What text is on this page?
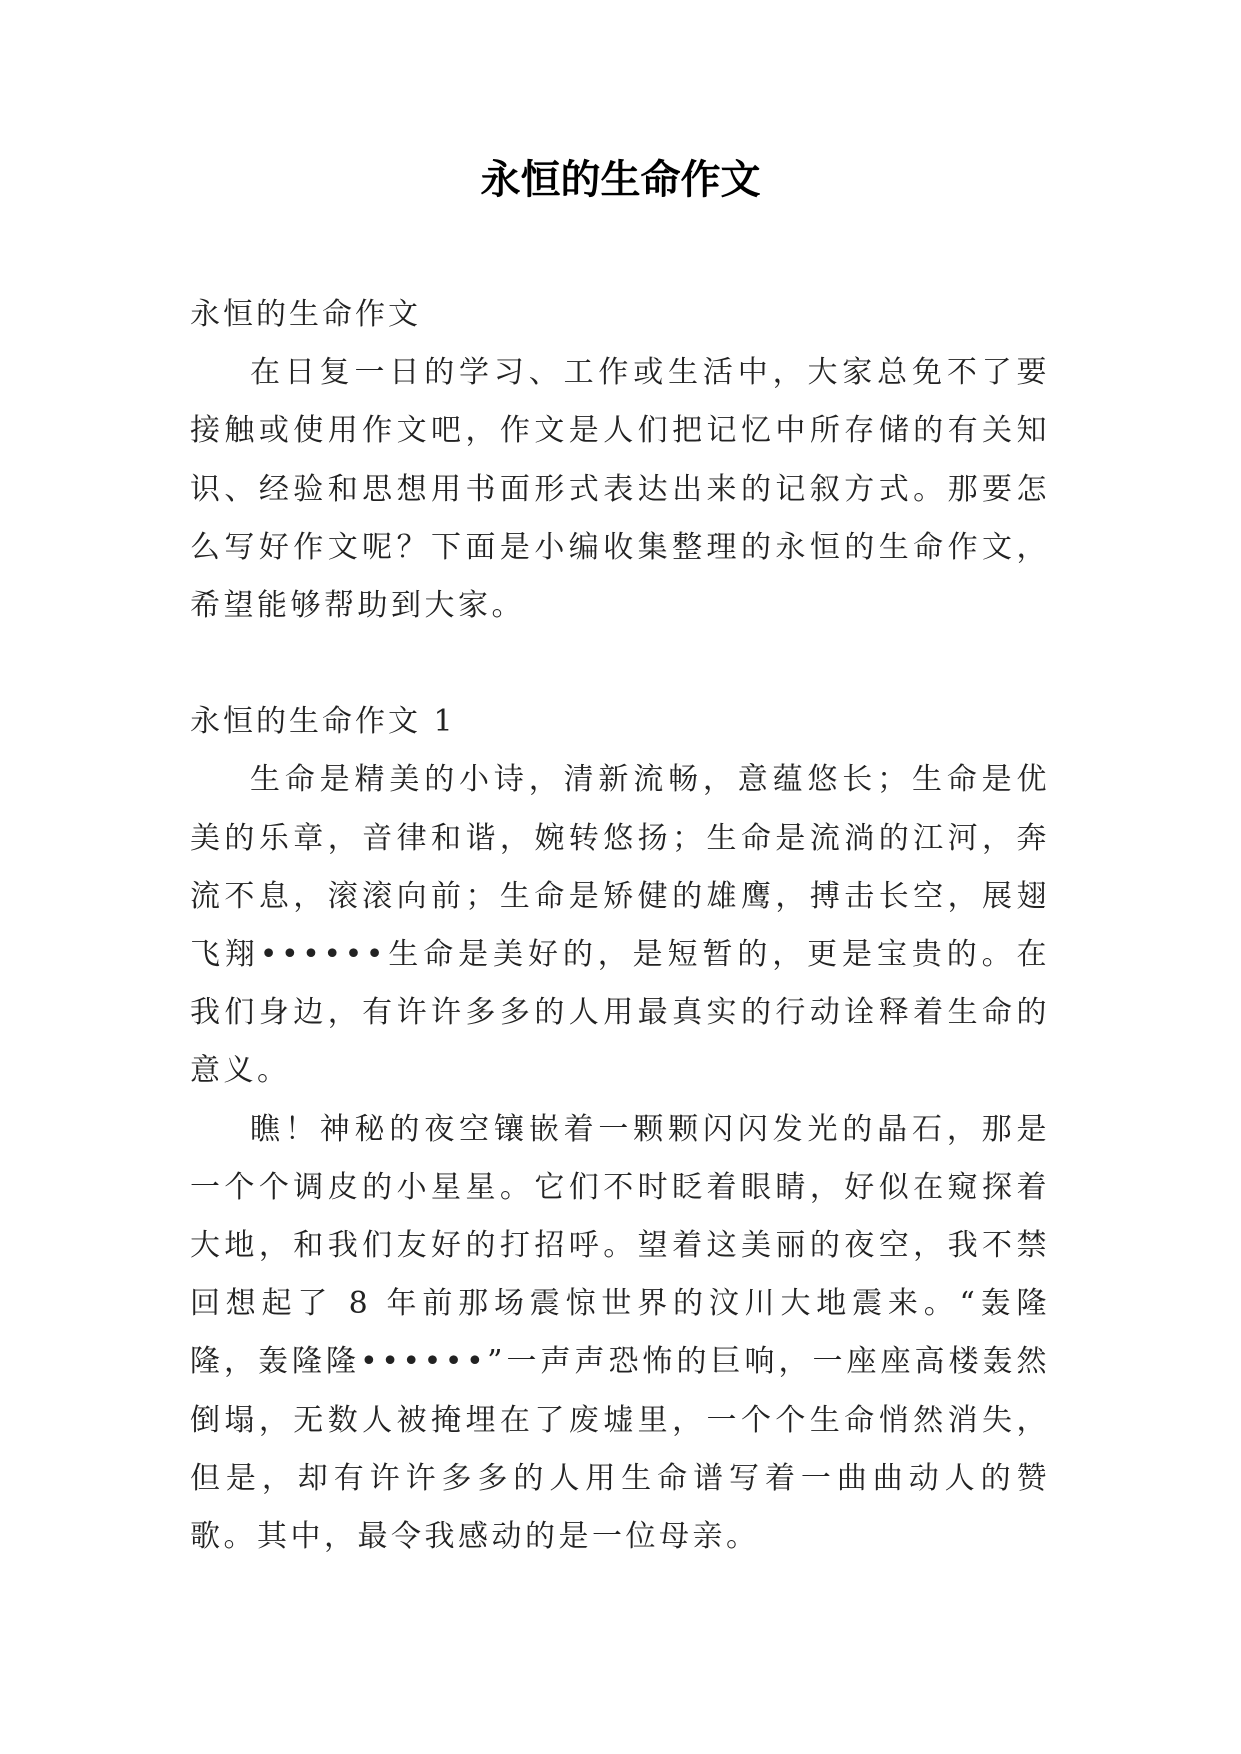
永恒的生命作文

永恒的生命作文

在日复一日的学习、工作或生活中，大家总免不了要接触或使用作文吧，作文是人们把记忆中所存储的有关知识、经验和思想用书面形式表达出来的记叙方式。那要怎么写好作文呢？下面是小编收集整理的永恒的生命作文，希望能够帮助到大家。

永恒的生命作文 1

生命是精美的小诗，清新流畅，意蕴悠长；生命是优美的乐章，音律和谐，婉转悠扬；生命是流淌的江河，奔流不息，滚滚向前；生命是矫健的雄鹰，搏击长空，展翅飞翔••••••生命是美好的，是短暂的，更是宝贵的。在我们身边，有许许多多的人用最真实的行动诠释着生命的意义。

瞧！神秘的夜空镶嵌着一颗颗闪闪发光的晶石，那是一个个调皮的小星星。它们不时眨着眼睛，好似在窥探着大地，和我们友好的打招呼。望着这美丽的夜空，我不禁回想起了 8 年前那场震惊世界的汶川大地震来。“轰隆隆，轰隆隆••••••”一声声恐怖的巨响，一座座高楼轰然倒塌，无数人被掩埋在了废墟里，一个个生命悄然消失，但是，却有许许多多的人用生命谱写着一曲曲动人的赞歌。其中，最令我感动的是一位母亲。
